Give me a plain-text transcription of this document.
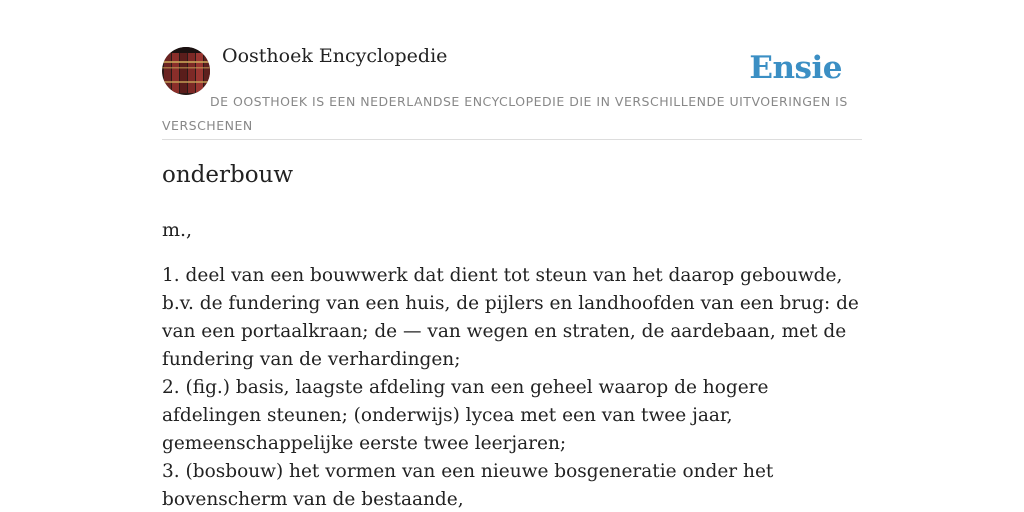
Oosthoek Encyclopedie	Ensie
DE OOSTHOEK IS EEN NEDERLANDSE ENCYCLOPEDIE DIE IN VERSCHILLENDE UITVOERINGEN IS VERSCHENEN
onderbouw
m.,

1. deel van een bouwwerk dat dient tot steun van het daarop gebouwde, b.v. de fundering van een huis, de pijlers en landhoofden van een brug: de van een portaalkraan; de — van wegen en straten, de aardebaan, met de fundering van de verhardingen;

2. (fig.) basis, laagste afdeling van een geheel waarop de hogere afdelingen steunen; (onderwijs) lycea met een van twee jaar, gemeenschappelijke eerste twee leerjaren;

3. (bosbouw) het vormen van een nieuwe bosgeneratie onder het bovenscherm van de bestaande,
